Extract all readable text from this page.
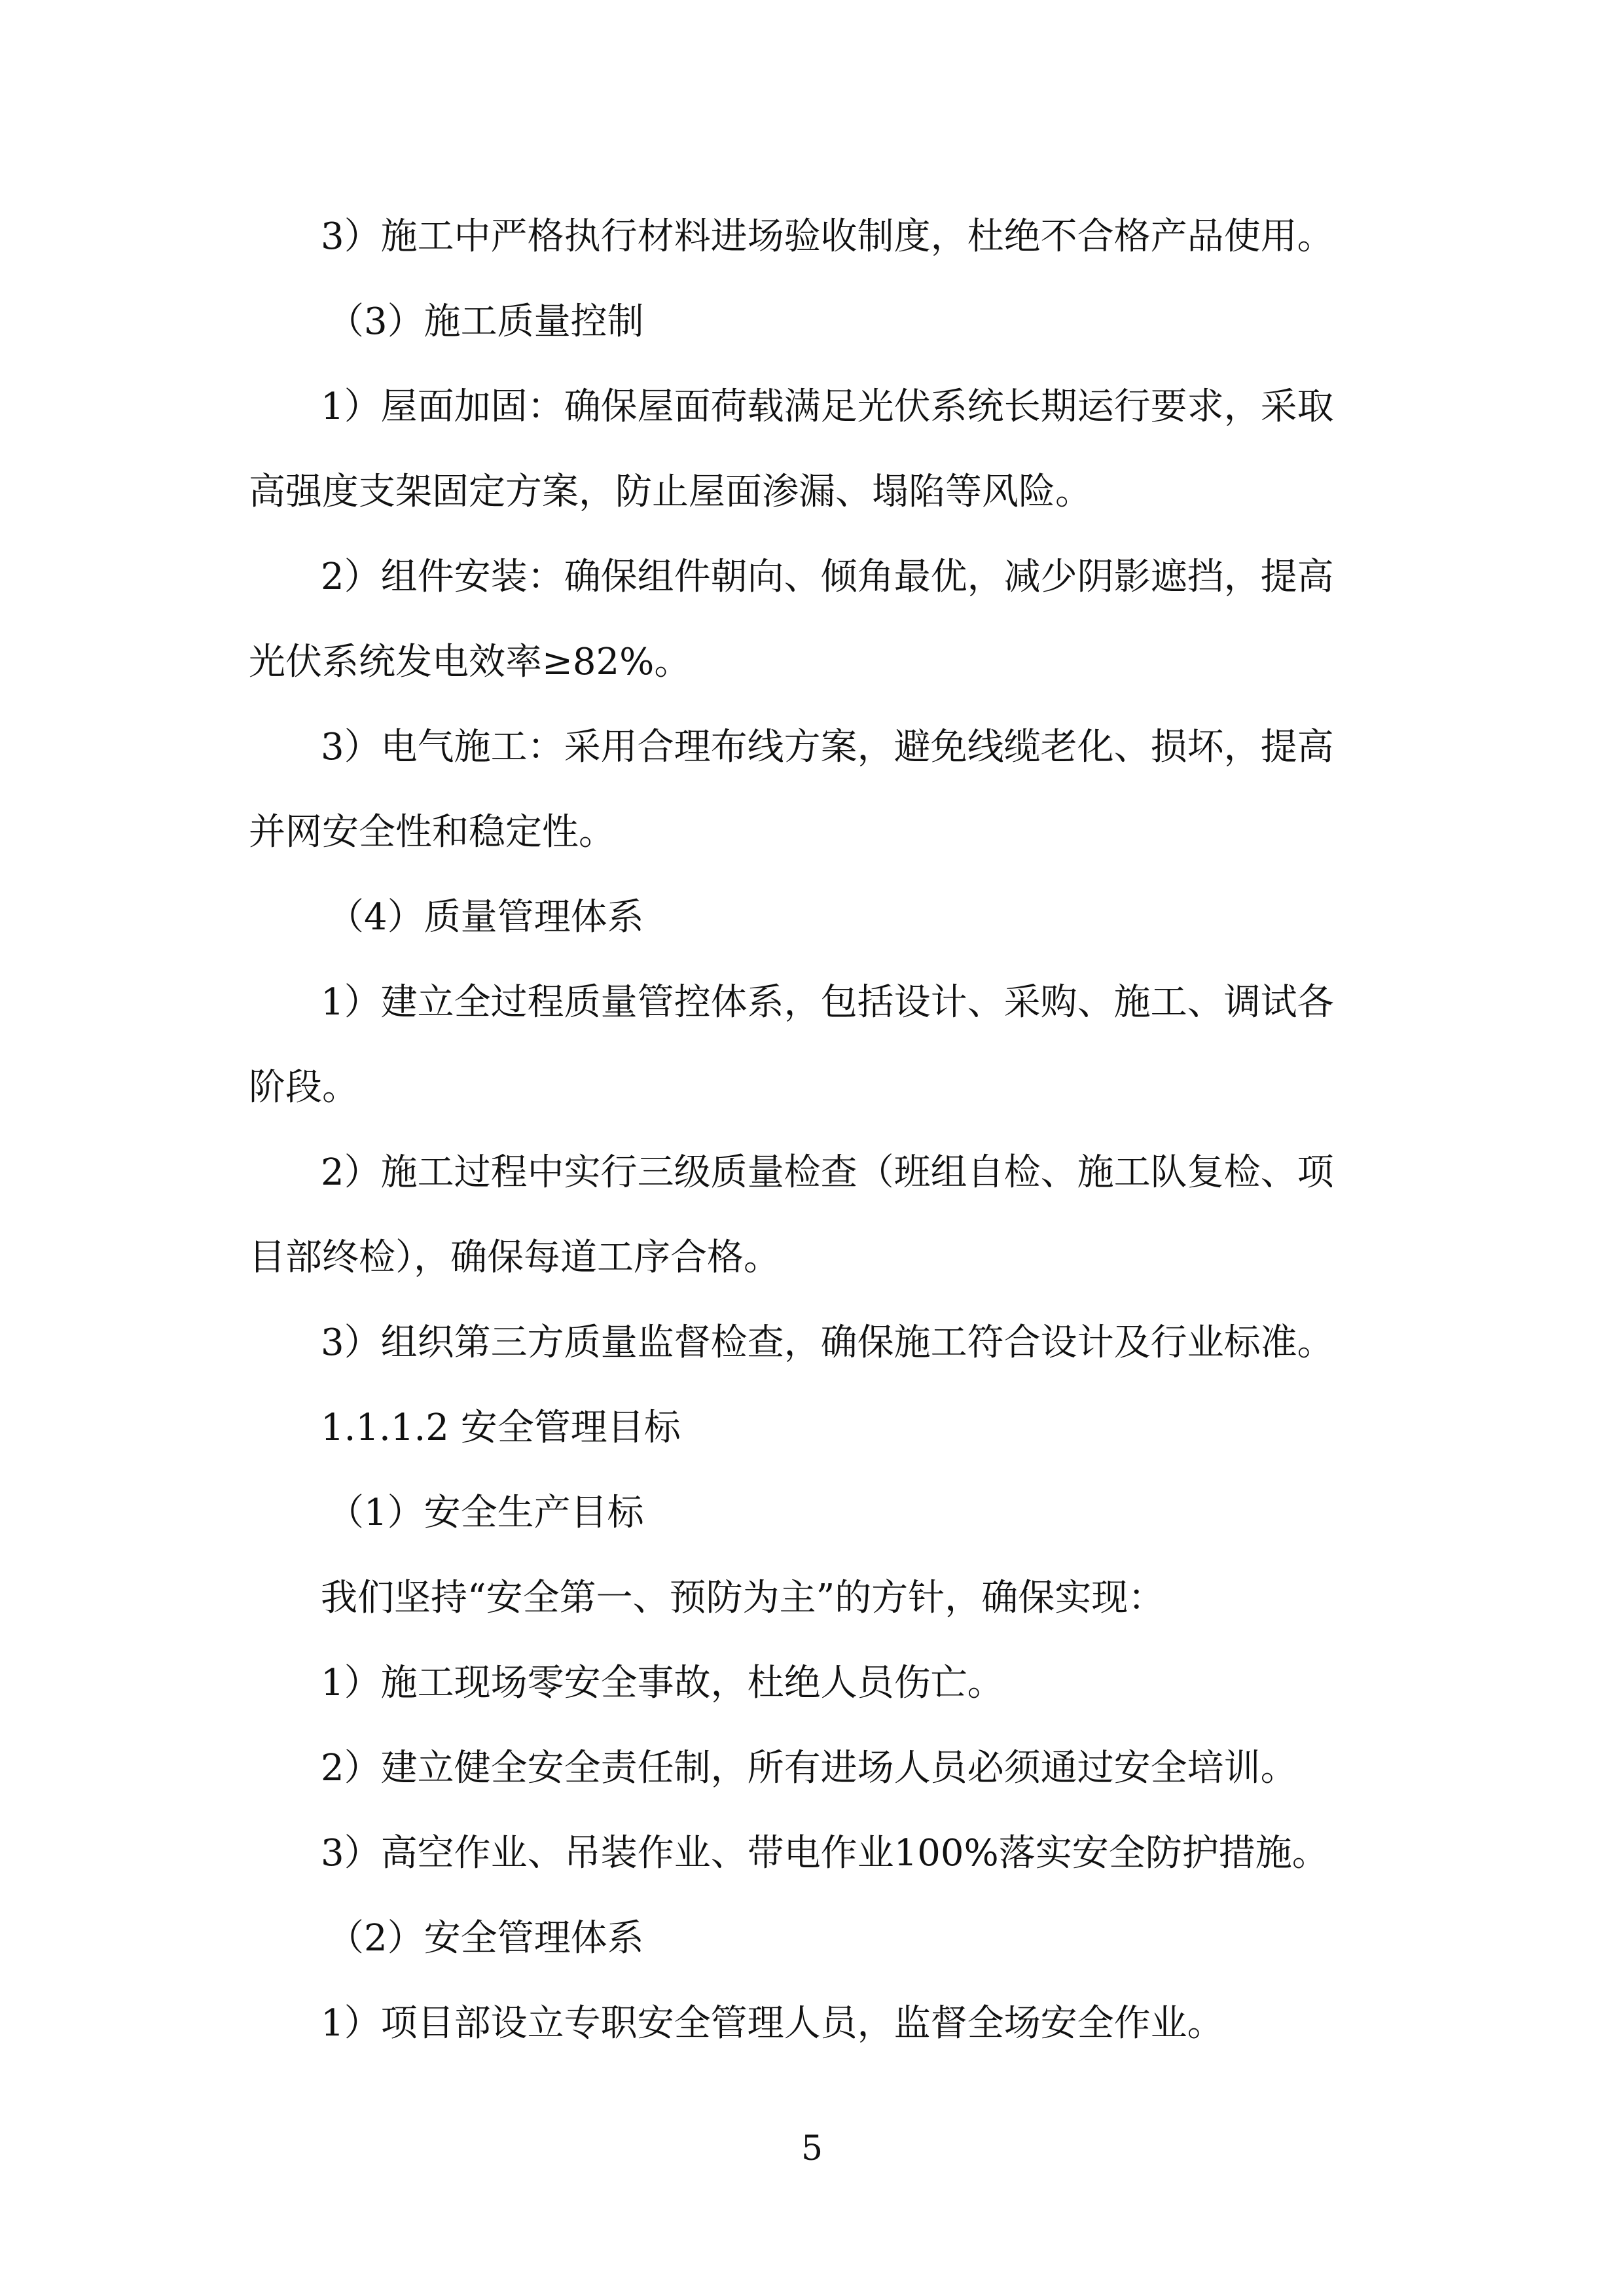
3）施工中严格执行材料进场验收制度，杜绝不合格产品使用。
（3）施工质量控制
1）屋面加固：确保屋面荷载满足光伏系统长期运行要求，采取
高强度支架固定方案，防止屋面渗漏、塌陷等风险。
2）组件安装：确保组件朝向、倾角最优，减少阴影遮挡，提高
光伏系统发电效率≥82%。
3）电气施工：采用合理布线方案，避免线缆老化、损坏，提高
并网安全性和稳定性。
（4）质量管理体系
1）建立全过程质量管控体系，包括设计、采购、施工、调试各
阶段。
2）施工过程中实行三级质量检查（班组自检、施工队复检、项
目部终检），确保每道工序合格。
3）组织第三方质量监督检查，确保施工符合设计及行业标准。
1.1.1.2 安全管理目标
（1）安全生产目标
我们坚持“安全第一、预防为主”的方针，确保实现：
1）施工现场零安全事故，杜绝人员伤亡。
2）建立健全安全责任制，所有进场人员必须通过安全培训。
3）高空作业、吊装作业、带电作业100%落实安全防护措施。
（2）安全管理体系
1）项目部设立专职安全管理人员，监督全场安全作业。
5
